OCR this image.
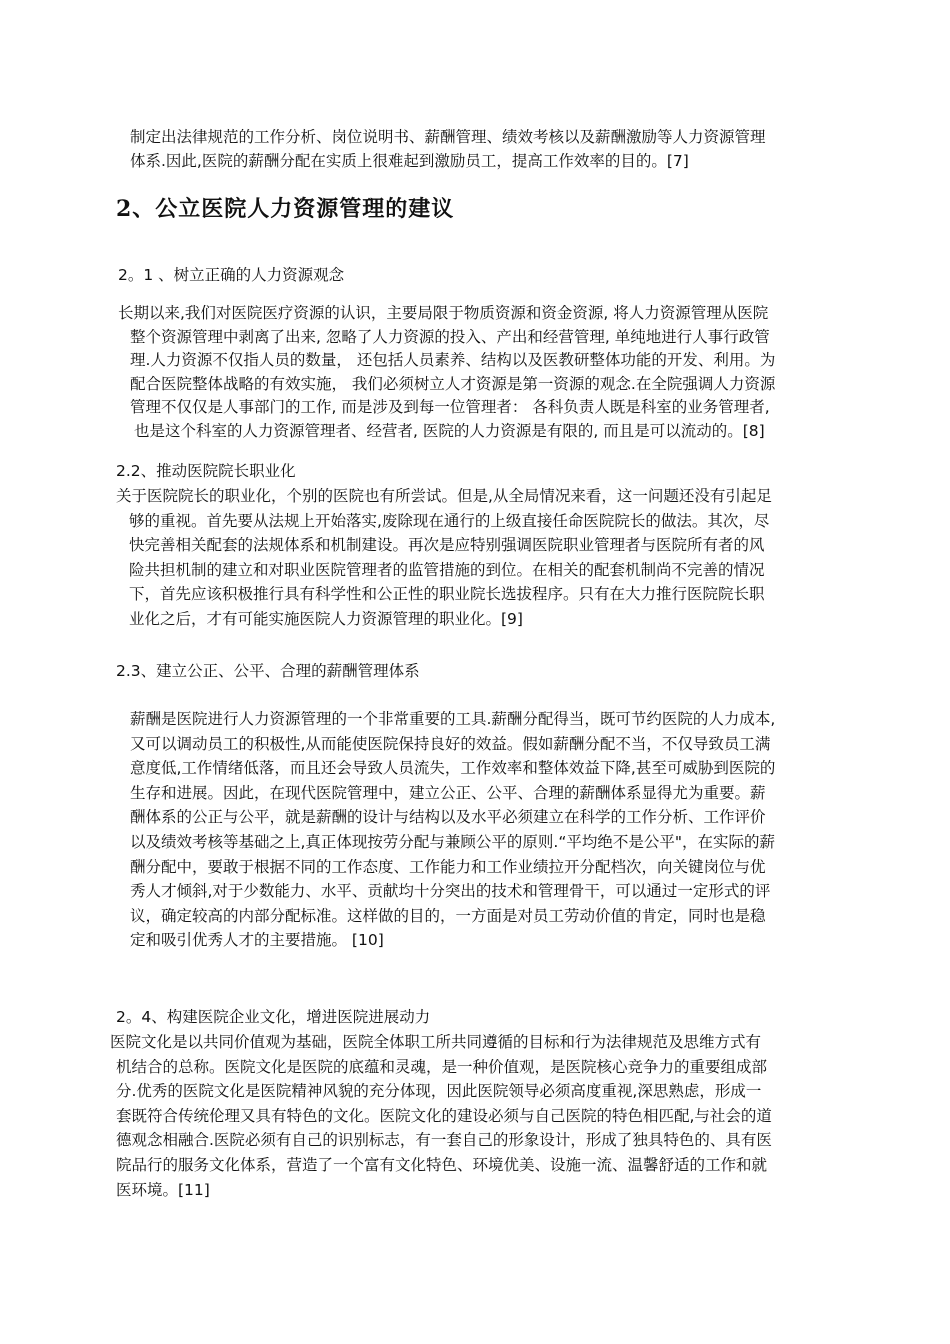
制定出法律规范的工作分析、岗位说明书、薪酬管理、绩效考核以及薪酬激励等人力资源管理
体系.因此,医院的薪酬分配在实质上很难起到激励员工，提高工作效率的目的。[7]
2、公立医院人力资源管理的建议
2。1 、树立正确的人力资源观念
长期以来,我们对医院医疗资源的认识，主要局限于物质资源和资金资源, 将人力资源管理从医院
整个资源管理中剥离了出来, 忽略了人力资源的投入、产出和经营管理, 单纯地进行人事行政管
理.人力资源不仅指人员的数量， 还包括人员素养、结构以及医教研整体功能的开发、利用。为
配合医院整体战略的有效实施， 我们必须树立人才资源是第一资源的观念.在全院强调人力资源
管理不仅仅是人事部门的工作, 而是涉及到每一位管理者： 各科负责人既是科室的业务管理者,
也是这个科室的人力资源管理者、经营者, 医院的人力资源是有限的, 而且是可以流动的。[8]
2.2、推动医院院长职业化
关于医院院长的职业化，个别的医院也有所尝试。但是,从全局情况来看，这一问题还没有引起足
够的重视。首先要从法规上开始落实,废除现在通行的上级直接任命医院院长的做法。其次，尽
快完善相关配套的法规体系和机制建设。再次是应特别强调医院职业管理者与医院所有者的风
险共担机制的建立和对职业医院管理者的监管措施的到位。在相关的配套机制尚不完善的情况
下，首先应该积极推行具有科学性和公正性的职业院长选拔程序。只有在大力推行医院院长职
业化之后，才有可能实施医院人力资源管理的职业化。[9]
2.3、建立公正、公平、合理的薪酬管理体系
薪酬是医院进行人力资源管理的一个非常重要的工具.薪酬分配得当，既可节约医院的人力成本,
又可以调动员工的积极性,从而能使医院保持良好的效益。假如薪酬分配不当，不仅导致员工满
意度低,工作情绪低落，而且还会导致人员流失，工作效率和整体效益下降,甚至可威胁到医院的
生存和进展。因此，在现代医院管理中，建立公正、公平、合理的薪酬体系显得尤为重要。薪
酬体系的公正与公平，就是薪酬的设计与结构以及水平必须建立在科学的工作分析、工作评价
以及绩效考核等基础之上,真正体现按劳分配与兼顾公平的原则.“平均绝不是公平"，在实际的薪
酬分配中，要敢于根据不同的工作态度、工作能力和工作业绩拉开分配档次，向关键岗位与优
秀人才倾斜,对于少数能力、水平、贡献均十分突出的技术和管理骨干，可以通过一定形式的评
议，确定较高的内部分配标准。这样做的目的，一方面是对员工劳动价值的肯定，同时也是稳
定和吸引优秀人才的主要措施。 [10]
2。4、构建医院企业文化，增进医院进展动力
医院文化是以共同价值观为基础，医院全体职工所共同遵循的目标和行为法律规范及思维方式有
机结合的总称。医院文化是医院的底蕴和灵魂，是一种价值观，是医院核心竞争力的重要组成部
分.优秀的医院文化是医院精神风貌的充分体现，因此医院领导必须高度重视,深思熟虑，形成一
套既符合传统伦理又具有特色的文化。医院文化的建设必须与自己医院的特色相匹配,与社会的道
德观念相融合.医院必须有自己的识别标志，有一套自己的形象设计，形成了独具特色的、具有医
院品行的服务文化体系，营造了一个富有文化特色、环境优美、设施一流、温馨舒适的工作和就
医环境。[11]
